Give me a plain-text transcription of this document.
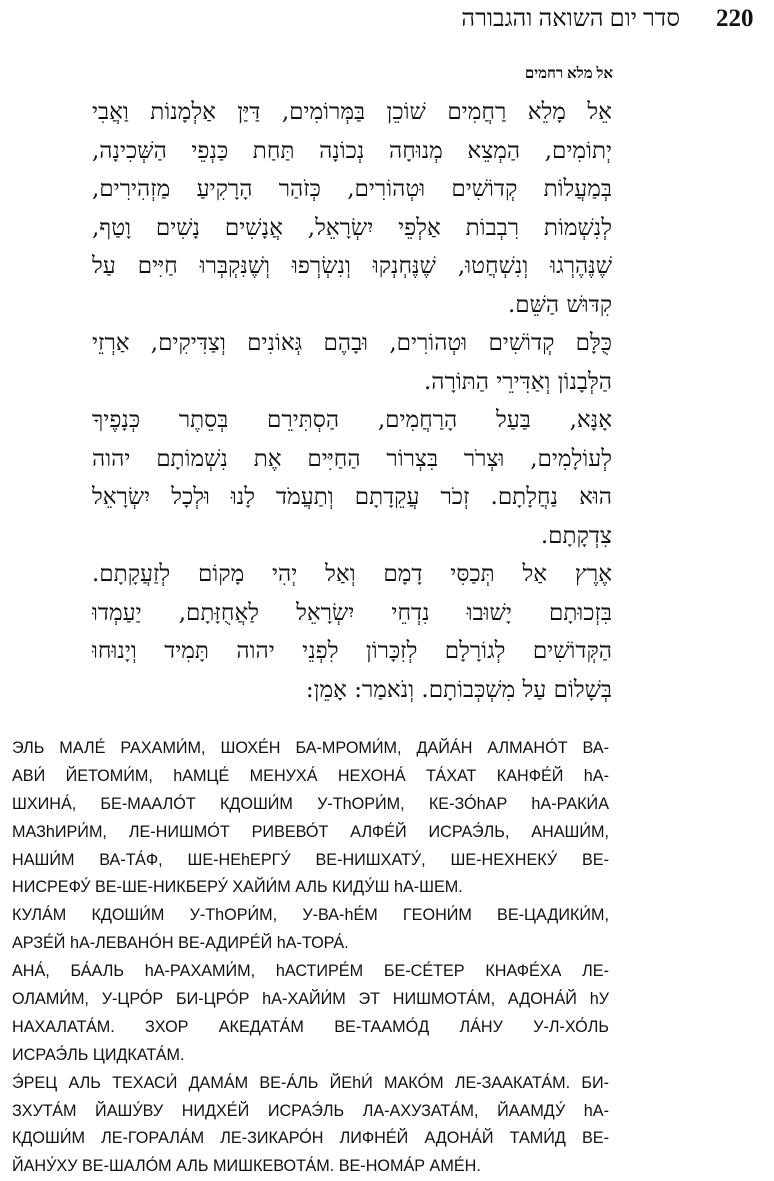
220
סדר יום השואה והגבורה
אל מלא רחמים
אֵל מָלֵא רַחֲמִים שׁוֹכֵן בַּמְּרוֹמִים, דַּיַּן אַלְמָנוֹת וַאֲבִי
יְתוֹמִים, הַמְצֵא מְנוּחָה נְכוֹנָה תַּחַת כַּנְפֵי הַשְּׁכִינָה,
בְּמַעֲלוֹת קְדוֹשִׁים וּטְהוֹרִים, כְּזֹהַר הָרָקִיעַ מַזְהִירִים,
לְנִשְׁמוֹת רִבְבוֹת אַלְפֵי יִשְׂרָאֵל, אֲנָשִׁים נָשִׁים וָטַף,
שֶׁנֶּהֶרְגוּ וְנִשְׁחֲטוּ, שֶׁנֶּחְנְקוּ וְנִשְׂרְפוּ וְשֶׁנִּקְבְּרוּ חַיִּים עַל
קִדּוּשׁ הַשֵּׁם.
כֻּלָּם קְדוֹשִׁים וּטְהוֹרִים, וּבָהֶם גְּאוֹנִים וְצַדִּיקִים, אַרְזֵי
הַלְּבָנוֹן וְאַדִּירֵי הַתּוֹרָה.
אָנָּא, בַּעַל הָרַחֲמִים, הַסְתִּירֵם בְּסֵתֶר כְּנָפֶיךָ
לְעוֹלָמִים, וּצְרֹר בִּצְרוֹר הַחַיִּים אֶת נִשְׁמוֹתָם יהוה
הוּא נַחֲלָתָם. זְכֹר עֲקֵדָתָם וְתַעֲמֹד לָנוּ וּלְכָל יִשְׂרָאֵל
צִדְקָתָם.
אֶרֶץ אַל תְּכַסִּי דָמָם וְאַל יְהִי מָקוֹם לְזַעֲקָתָם.
בִּזְכוּתָם יָשׁוּבוּ נִדְחֵי יִשְׂרָאֵל לַאֲחֻזָּתָם, יַעַמְדוּ
הַקְּדוֹשִׁים לְגוֹרָלָם לְזִכָּרוֹן לִפְנֵי יהוה תָּמִיד וְיָנוּחוּ
בְּשָׁלוֹם עַל מִשְׁכְּבוֹתָם. וְנֹאמַר: אָמֵן:
ЭЛЬ МАЛЕ́ РАХАМИ́М, ШОХЕ́Н БА-МРОМИ́М, ДАЙА́Н АЛМАНО́Т ВА-
АВИ́ ЙЕТОМИ́М, hАМЦЕ́ МЕНУХА́ НЕХОНА́ ТА́ХАТ КАНФЕ́Й hА-
ШХИНА́, БЕ-МААЛО́Т КДОШИ́М У-ТhОРИ́М, КЕ-ЗО́hАР hА-РАКИ́А
МАЗhИРИ́М, ЛЕ-НИШМО́Т РИВЕВО́Т АЛФЕ́Й ИСРАЭ́ЛЬ, АНАШИ́М,
НАШИ́М ВА-ТА́Ф, ШЕ-НЕhЕРГУ́ ВЕ-НИШХАТУ́, ШЕ-НЕХНЕКУ́ ВЕ-
НИСРЕФУ́ ВЕ-ШЕ-НИКБЕРУ́ ХАЙИ́М АЛЬ КИДУ́Ш hА-ШЕМ.
КУЛА́М КДОШИ́М У-ТhОРИ́М, У-ВА-hЕ́М ГЕОНИ́М ВЕ-ЦАДИКИ́М,
АРЗЕ́Й hА-ЛЕВАНО́Н ВЕ-АДИРЕ́Й hА-ТОРА́.
АНА́, БА́АЛЬ hА-РАХАМИ́М, hАСТИРЕ́М БЕ-СЕ́ТЕР КНАФЕ́ХА ЛЕ-
ОЛАМИ́М, У-ЦРО́Р БИ-ЦРО́Р hА-ХАЙИ́М ЭТ НИШМОТА́М, АДОНА́Й hУ
НАХАЛАТА́М. ЗХОР АКЕДАТА́М ВЕ-ТААМО́Д ЛА́НУ У-Л-ХО́ЛЬ
ИСРАЭ́ЛЬ ЦИДКАТА́М.
Э́РЕЦ АЛЬ ТЕХАСИ́ ДАМА́М ВЕ-А́ЛЬ ЙЕhИ́ МАКО́М ЛЕ-ЗААКАТА́М. БИ-
ЗХУТА́М ЙАШУ́ВУ НИДХЕ́Й ИСРАЭ́ЛЬ ЛА-АХУЗАТА́М, ЙААМДУ́ hА-
КДОШИ́М ЛЕ-ГОРАЛА́М ЛЕ-ЗИКАРО́Н ЛИФНЕ́Й АДОНА́Й ТАМИ́Д ВЕ-
ЙАНУ́ХУ ВЕ-ШАЛО́М АЛЬ МИШКЕВОТА́М. ВЕ-НОМА́Р АМЕ́Н.
